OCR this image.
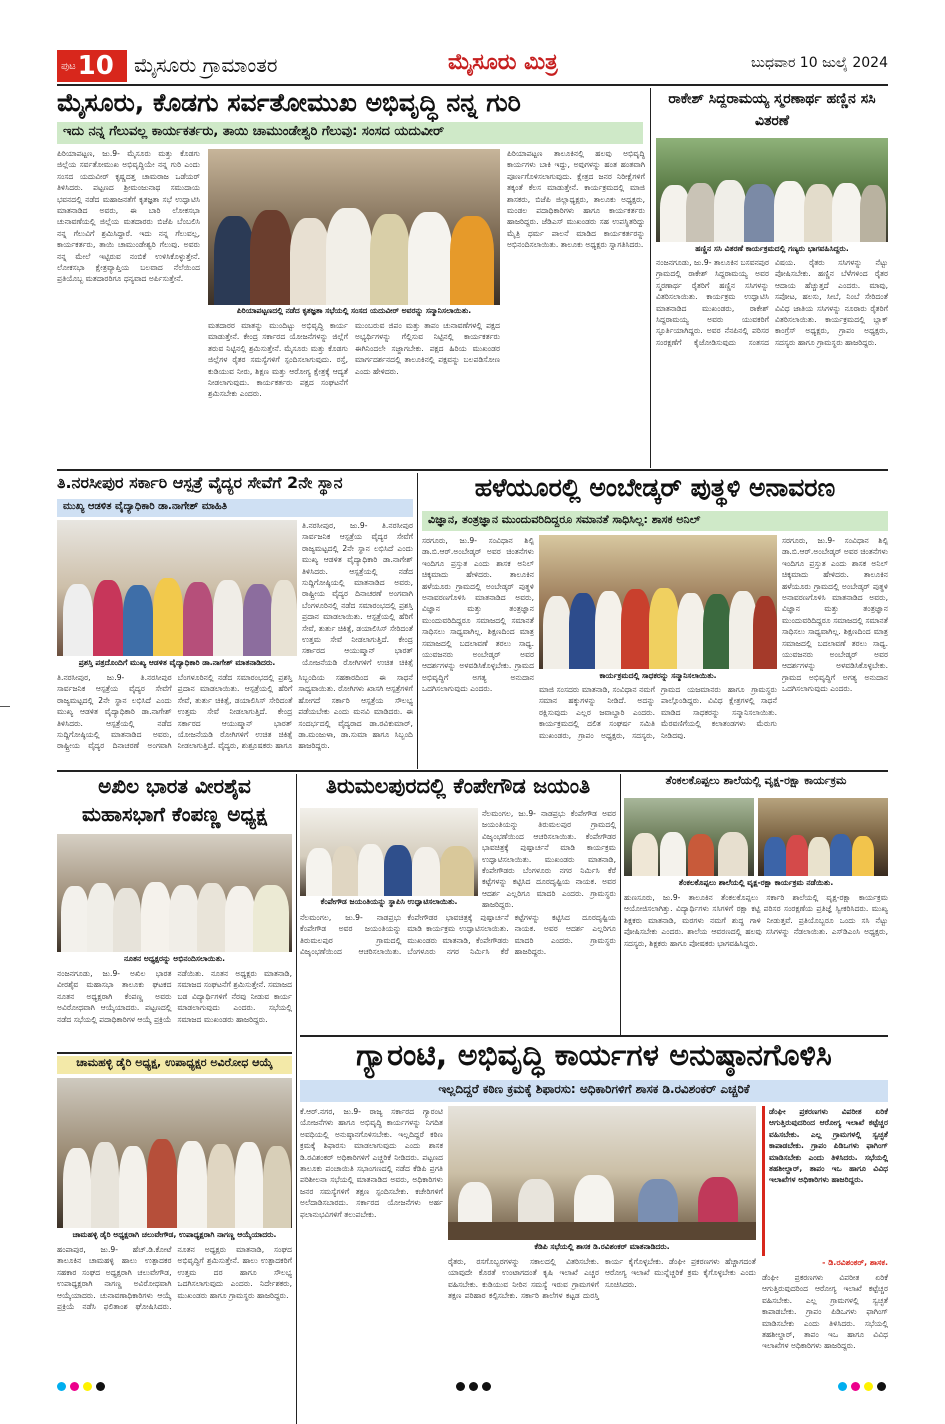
ಪುಟ 10 ಮೈಸೂರು ಗ್ರಾಮಾಂತರ	ಮೈಸೂರು ಮಿತ್ರ	ಬುಧವಾರ 10 ಜುಲೈ 2024
ಮೈಸೂರು, ಕೊಡಗು ಸರ್ವತೋಮುಖ ಅಭಿವೃದ್ಧಿ ನನ್ನ ಗುರಿ
ಇದು ನನ್ನ ಗೆಲುವಲ್ಲ ಕಾರ್ಯಕರ್ತರು, ತಾಯಿ ಚಾಮುಂಡೇಶ್ವರಿ ಗೆಲುವು: ಸಂಸದ ಯದುವೀರ್
ಪಿರಿಯಾಪಟ್ಟಣ, ಜು.9- ಮೈಸೂರು ಮತ್ತು ಕೊಡಗು ಜಿಲ್ಲೆಯ ಸರ್ವತೋಮುಖ ಅಭಿವೃದ್ಧಿಯೇ ನನ್ನ ಗುರಿ ಎಂದು ಸಂಸದ ಯದುವೀರ್ ಕೃಷ್ಣದತ್ತ ಚಾಮರಾಜ ಒಡೆಯರ್ ತಿಳಿಸಿದರು. ಪಟ್ಟಣದ ಶ್ರೀಮಂಜುನಾಥ ಸಮುದಾಯ ಭವನದಲ್ಲಿ ನಡೆದ ಮಹಾಜನತೆಗೆ ಕೃತಜ್ಞತಾ ಸಭೆ ಉದ್ಘಾಟಿಸಿ ಮಾತನಾಡಿದ ಅವರು, ಈ ಬಾರಿ ಲೋಕಸಭಾ ಚುನಾವಣೆಯಲ್ಲಿ ಜಿಲ್ಲೆಯ ಮತದಾರರು ಬಿಜೆಪಿ ಬೆಂಬಲಿಸಿ ನನ್ನ ಗೆಲುವಿಗೆ ಶ್ರಮಿಸಿದ್ದಾರೆ. ಇದು ನನ್ನ ಗೆಲುವಲ್ಲ, ಕಾರ್ಯಕರ್ತರು, ತಾಯಿ ಚಾಮುಂಡೇಶ್ವರಿ ಗೆಲುವು. ಅವರು ನನ್ನ ಮೇಲೆ ಇಟ್ಟಿರುವ ನಂಬಿಕೆ ಉಳಿಸಿಕೊಳ್ಳುತ್ತೇನೆ. ಲೋಕಸಭಾ ಕ್ಷೇತ್ರವ್ಯಾಪ್ತಿಯ ಬಲವಾದ ನೆಲೆಯಿಂದ ಪ್ರತಿಯೊಬ್ಬ ಮತದಾರರಿಗೂ ಧನ್ಯವಾದ ಅರ್ಪಿಸುತ್ತೇನೆ.
ಪಿರಿಯಾಪಟ್ಟಣದಲ್ಲಿ ನಡೆದ ಕೃತಜ್ಞತಾ ಸಭೆಯಲ್ಲಿ ಸಂಸದ ಯದುವೀರ್ ಅವರನ್ನು ಸನ್ಮಾನಿಸಲಾಯಿತು.
ಮತದಾರರ ಮಾತನ್ನು ಮುಂದಿಟ್ಟು ಅಭಿವೃದ್ಧಿ ಕಾರ್ಯ ಮಾಡುತ್ತೇನೆ. ಕೇಂದ್ರ ಸರ್ಕಾರದ ಯೋಜನೆಗಳನ್ನು ಜಿಲ್ಲೆಗೆ ತರುವ ನಿಟ್ಟಿನಲ್ಲಿ ಶ್ರಮಿಸುತ್ತೇನೆ. ಮೈಸೂರು ಮತ್ತು ಕೊಡಗು ಜಿಲ್ಲೆಗಳ ರೈತರ ಸಮಸ್ಯೆಗಳಿಗೆ ಸ್ಪಂದಿಸಲಾಗುವುದು. ರಸ್ತೆ, ಕುಡಿಯುವ ನೀರು, ಶಿಕ್ಷಣ ಮತ್ತು ಆರೋಗ್ಯ ಕ್ಷೇತ್ರಕ್ಕೆ ಆದ್ಯತೆ ನೀಡಲಾಗುವುದು. ಕಾರ್ಯಕರ್ತರು ಪಕ್ಷದ ಸಂಘಟನೆಗೆ ಶ್ರಮಿಸಬೇಕು ಎಂದರು.
ಮುಂಬರುವ ಜಿಪಂ ಮತ್ತು ತಾಪಂ ಚುನಾವಣೆಗಳಲ್ಲಿ ಪಕ್ಷದ ಅಭ್ಯರ್ಥಿಗಳನ್ನು ಗೆಲ್ಲಿಸುವ ನಿಟ್ಟಿನಲ್ಲಿ ಕಾರ್ಯಕರ್ತರು ಈಗಿನಿಂದಲೇ ಸಜ್ಜಾಗಬೇಕು. ಪಕ್ಷದ ಹಿರಿಯ ಮುಖಂಡರ ಮಾರ್ಗದರ್ಶನದಲ್ಲಿ ತಾಲೂಕಿನಲ್ಲಿ ಪಕ್ಷವನ್ನು ಬಲಪಡಿಸೋಣ ಎಂದು ಹೇಳಿದರು.
ಪಿರಿಯಾಪಟ್ಟಣ ತಾಲೂಕಿನಲ್ಲಿ ಹಲವು ಅಭಿವೃದ್ಧಿ ಕಾರ್ಯಗಳು ಬಾಕಿ ಇದ್ದು, ಅವುಗಳನ್ನು ಹಂತ ಹಂತವಾಗಿ ಪೂರ್ಣಗೊಳಿಸಲಾಗುವುದು. ಕ್ಷೇತ್ರದ ಜನರ ನಿರೀಕ್ಷೆಗಳಿಗೆ ತಕ್ಕಂತೆ ಕೆಲಸ ಮಾಡುತ್ತೇನೆ. ಕಾರ್ಯಕ್ರಮದಲ್ಲಿ ಮಾಜಿ ಶಾಸಕರು, ಬಿಜೆಪಿ ಜಿಲ್ಲಾಧ್ಯಕ್ಷರು, ತಾಲೂಕು ಅಧ್ಯಕ್ಷರು, ಮಂಡಲ ಪದಾಧಿಕಾರಿಗಳು ಹಾಗೂ ಕಾರ್ಯಕರ್ತರು ಹಾಜರಿದ್ದರು. ಜೆಡಿಎಸ್ ಮುಖಂಡರು ಸಹ ಉಪಸ್ಥಿತರಿದ್ದು ಮೈತ್ರಿ ಧರ್ಮ ಪಾಲನೆ ಮಾಡಿದ ಕಾರ್ಯಕರ್ತರನ್ನು ಅಭಿನಂದಿಸಲಾಯಿತು. ತಾಲೂಕು ಅಧ್ಯಕ್ಷರು ಸ್ವಾಗತಿಸಿದರು.
ರಾಕೇಶ್ ಸಿದ್ದರಾಮಯ್ಯ ಸ್ಮರಣಾರ್ಥ ಹಣ್ಣಿನ ಸಸಿ ವಿತರಣೆ
ಹಣ್ಣಿನ ಸಸಿ ವಿತರಣೆ ಕಾರ್ಯಕ್ರಮದಲ್ಲಿ ಗಣ್ಯರು ಭಾಗವಹಿಸಿದ್ದರು.
ನಂಜನಗೂಡು, ಜು.9- ತಾಲೂಕಿನ ಬಸವನಪುರ ಗ್ರಾಮದಲ್ಲಿ ರಾಕೇಶ್ ಸಿದ್ದರಾಮಯ್ಯ ಅವರ ಸ್ಮರಣಾರ್ಥ ರೈತರಿಗೆ ಹಣ್ಣಿನ ಸಸಿಗಳನ್ನು ವಿತರಿಸಲಾಯಿತು. ಕಾರ್ಯಕ್ರಮ ಉದ್ಘಾಟಿಸಿ ಮಾತನಾಡಿದ ಮುಖಂಡರು, ರಾಕೇಶ್ ಸಿದ್ದರಾಮಯ್ಯ ಅವರು ಯುವಕರಿಗೆ ಸ್ಫೂರ್ತಿಯಾಗಿದ್ದರು. ಅವರ ನೆನಪಿನಲ್ಲಿ ಪರಿಸರ ಸಂರಕ್ಷಣೆಗೆ ಕೈಜೋಡಿಸುವುದು ಸಂತಸದ ವಿಷಯ. ರೈತರು ಸಸಿಗಳನ್ನು ನೆಟ್ಟು ಪೋಷಿಸಬೇಕು. ಹಣ್ಣಿನ ಬೆಳೆಗಳಿಂದ ರೈತರ ಆದಾಯ ಹೆಚ್ಚುತ್ತದೆ ಎಂದರು. ಮಾವು, ಸಪೋಟ, ಹಲಸು, ಸೀಬೆ, ನಿಂಬೆ ಸೇರಿದಂತೆ ವಿವಿಧ ಜಾತಿಯ ಸಸಿಗಳನ್ನು ನೂರಾರು ರೈತರಿಗೆ ವಿತರಿಸಲಾಯಿತು. ಕಾರ್ಯಕ್ರಮದಲ್ಲಿ ಬ್ಲಾಕ್ ಕಾಂಗ್ರೆಸ್ ಅಧ್ಯಕ್ಷರು, ಗ್ರಾಪಂ ಅಧ್ಯಕ್ಷರು, ಸದಸ್ಯರು ಹಾಗೂ ಗ್ರಾಮಸ್ಥರು ಹಾಜರಿದ್ದರು.
ತಿ.ನರಸೀಪುರ ಸರ್ಕಾರಿ ಆಸ್ಪತ್ರೆ ವೈದ್ಯರ ಸೇವೆಗೆ 2ನೇ ಸ್ಥಾನ
ಮುಖ್ಯ ಆಡಳಿತ ವೈದ್ಯಾಧಿಕಾರಿ ಡಾ.ನಾಗೇಶ್ ಮಾಹಿತಿ
ಪ್ರಶಸ್ತಿ ಪತ್ರದೊಂದಿಗೆ ಮುಖ್ಯ ಆಡಳಿತ ವೈದ್ಯಾಧಿಕಾರಿ ಡಾ.ನಾಗೇಶ್ ಮಾತನಾಡಿದರು.
ತಿ.ನರಸೀಪುರ, ಜು.9- ತಿ.ನರಸೀಪುರ ಸಾರ್ವಜನಿಕ ಆಸ್ಪತ್ರೆಯ ವೈದ್ಯರ ಸೇವೆಗೆ ರಾಜ್ಯಮಟ್ಟದಲ್ಲಿ 2ನೇ ಸ್ಥಾನ ಲಭಿಸಿದೆ ಎಂದು ಮುಖ್ಯ ಆಡಳಿತ ವೈದ್ಯಾಧಿಕಾರಿ ಡಾ.ನಾಗೇಶ್ ತಿಳಿಸಿದರು. ಆಸ್ಪತ್ರೆಯಲ್ಲಿ ನಡೆದ ಸುದ್ದಿಗೋಷ್ಠಿಯಲ್ಲಿ ಮಾತನಾಡಿದ ಅವರು, ರಾಷ್ಟ್ರೀಯ ವೈದ್ಯರ ದಿನಾಚರಣೆ ಅಂಗವಾಗಿ ಬೆಂಗಳೂರಿನಲ್ಲಿ ನಡೆದ ಸಮಾರಂಭದಲ್ಲಿ ಪ್ರಶಸ್ತಿ ಪ್ರದಾನ ಮಾಡಲಾಯಿತು. ಆಸ್ಪತ್ರೆಯಲ್ಲಿ ಹೆರಿಗೆ ಸೇವೆ, ತುರ್ತು ಚಿಕಿತ್ಸೆ, ಡಯಾಲಿಸಿಸ್ ಸೇರಿದಂತೆ ಉತ್ತಮ ಸೇವೆ ನೀಡಲಾಗುತ್ತಿದೆ. ಕೇಂದ್ರ ಸರ್ಕಾರದ ಆಯುಷ್ಮಾನ್ ಭಾರತ್ ಯೋಜನೆಯಡಿ ರೋಗಿಗಳಿಗೆ ಉಚಿತ ಚಿಕಿತ್ಸೆ ನೀಡಲಾಗುತ್ತಿದೆ. ವೈದ್ಯರು, ಶುಶ್ರೂಷಕರು ಹಾಗೂ ಸಿಬ್ಬಂದಿಯ ಸಹಕಾರದಿಂದ ಈ ಸಾಧನೆ ಸಾಧ್ಯವಾಯಿತು. ರೋಗಿಗಳು ಖಾಸಗಿ ಆಸ್ಪತ್ರೆಗಳಿಗೆ ಹೋಗದೆ ಸರ್ಕಾರಿ ಆಸ್ಪತ್ರೆಯ ಸೌಲಭ್ಯ ಪಡೆಯಬೇಕು ಎಂದು ಮನವಿ ಮಾಡಿದರು. ಈ ಸಂದರ್ಭದಲ್ಲಿ ವೈದ್ಯರಾದ ಡಾ.ರವಿಕುಮಾರ್, ಡಾ.ಮಂಜುಳಾ, ಡಾ.ಸುಮಾ ಹಾಗೂ ಸಿಬ್ಬಂದಿ ಹಾಜರಿದ್ದರು.
ತಿ.ನರಸೀಪುರ, ಜು.9- ತಿ.ನರಸೀಪುರ ಸಾರ್ವಜನಿಕ ಆಸ್ಪತ್ರೆಯ ವೈದ್ಯರ ಸೇವೆಗೆ ರಾಜ್ಯಮಟ್ಟದಲ್ಲಿ 2ನೇ ಸ್ಥಾನ ಲಭಿಸಿದೆ ಎಂದು ಮುಖ್ಯ ಆಡಳಿತ ವೈದ್ಯಾಧಿಕಾರಿ ಡಾ.ನಾಗೇಶ್ ತಿಳಿಸಿದರು. ಆಸ್ಪತ್ರೆಯಲ್ಲಿ ನಡೆದ ಸುದ್ದಿಗೋಷ್ಠಿಯಲ್ಲಿ ಮಾತನಾಡಿದ ಅವರು, ರಾಷ್ಟ್ರೀಯ ವೈದ್ಯರ ದಿನಾಚರಣೆ ಅಂಗವಾಗಿ ಬೆಂಗಳೂರಿನಲ್ಲಿ ನಡೆದ ಸಮಾರಂಭದಲ್ಲಿ ಪ್ರಶಸ್ತಿ ಪ್ರದಾನ ಮಾಡಲಾಯಿತು. ಆಸ್ಪತ್ರೆಯಲ್ಲಿ ಹೆರಿಗೆ ಸೇವೆ, ತುರ್ತು ಚಿಕಿತ್ಸೆ, ಡಯಾಲಿಸಿಸ್ ಸೇರಿದಂತೆ ಉತ್ತಮ ಸೇವೆ ನೀಡಲಾಗುತ್ತಿದೆ. ಕೇಂದ್ರ ಸರ್ಕಾರದ ಆಯುಷ್ಮಾನ್ ಭಾರತ್ ಯೋಜನೆಯಡಿ ರೋಗಿಗಳಿಗೆ ಉಚಿತ ಚಿಕಿತ್ಸೆ
ಹಳೆಯೂರಲ್ಲಿ ಅಂಬೇಡ್ಕರ್ ಪುತ್ಥಳಿ ಅನಾವರಣ
ವಿಜ್ಞಾನ, ತಂತ್ರಜ್ಞಾನ ಮುಂದುವರಿದಿದ್ದರೂ ಸಮಾನತೆ ಸಾಧಿಸಿಲ್ಲ: ಶಾಸಕ ಅನಿಲ್
ಸರಗೂರು, ಜು.9- ಸಂವಿಧಾನ ಶಿಲ್ಪಿ ಡಾ.ಬಿ.ಆರ್.ಅಂಬೇಡ್ಕರ್ ಅವರ ಚಿಂತನೆಗಳು ಇಂದಿಗೂ ಪ್ರಸ್ತುತ ಎಂದು ಶಾಸಕ ಅನಿಲ್ ಚಿಕ್ಕಮಾದು ಹೇಳಿದರು. ತಾಲೂಕಿನ ಹಳೆಯೂರು ಗ್ರಾಮದಲ್ಲಿ ಅಂಬೇಡ್ಕರ್ ಪುತ್ಥಳಿ ಅನಾವರಣಗೊಳಿಸಿ ಮಾತನಾಡಿದ ಅವರು, ವಿಜ್ಞಾನ ಮತ್ತು ತಂತ್ರಜ್ಞಾನ ಮುಂದುವರಿದಿದ್ದರೂ ಸಮಾಜದಲ್ಲಿ ಸಮಾನತೆ ಸಾಧಿಸಲು ಸಾಧ್ಯವಾಗಿಲ್ಲ. ಶಿಕ್ಷಣದಿಂದ ಮಾತ್ರ ಸಮಾಜದಲ್ಲಿ ಬದಲಾವಣೆ ತರಲು ಸಾಧ್ಯ. ಯುವಜನರು ಅಂಬೇಡ್ಕರ್ ಅವರ ಆದರ್ಶಗಳನ್ನು ಅಳವಡಿಸಿಕೊಳ್ಳಬೇಕು. ಗ್ರಾಮದ ಅಭಿವೃದ್ಧಿಗೆ ಅಗತ್ಯ ಅನುದಾನ ಒದಗಿಸಲಾಗುವುದು ಎಂದರು.
ಕಾರ್ಯಕ್ರಮದಲ್ಲಿ ಸಾಧಕರನ್ನು ಸನ್ಮಾನಿಸಲಾಯಿತು.
ಮಾಜಿ ಸಂಸದರು ಮಾತನಾಡಿ, ಸಂವಿಧಾನ ನಮಗೆ ಸಮಾನ ಹಕ್ಕುಗಳನ್ನು ನೀಡಿದೆ. ಅದನ್ನು ರಕ್ಷಿಸುವುದು ಎಲ್ಲರ ಜವಾಬ್ದಾರಿ ಎಂದರು. ಕಾರ್ಯಕ್ರಮದಲ್ಲಿ ದಲಿತ ಸಂಘರ್ಷ ಸಮಿತಿ ಮುಖಂಡರು, ಗ್ರಾಪಂ ಅಧ್ಯಕ್ಷರು, ಸದಸ್ಯರು, ಗ್ರಾಮದ ಯಜಮಾನರು ಹಾಗೂ ಗ್ರಾಮಸ್ಥರು ಪಾಲ್ಗೊಂಡಿದ್ದರು. ವಿವಿಧ ಕ್ಷೇತ್ರಗಳಲ್ಲಿ ಸಾಧನೆ ಮಾಡಿದ ಸಾಧಕರನ್ನು ಸನ್ಮಾನಿಸಲಾಯಿತು. ಮೆರವಣಿಗೆಯಲ್ಲಿ ಕಲಾತಂಡಗಳು ಮೆರುಗು ನೀಡಿದವು.
ಸರಗೂರು, ಜು.9- ಸಂವಿಧಾನ ಶಿಲ್ಪಿ ಡಾ.ಬಿ.ಆರ್.ಅಂಬೇಡ್ಕರ್ ಅವರ ಚಿಂತನೆಗಳು ಇಂದಿಗೂ ಪ್ರಸ್ತುತ ಎಂದು ಶಾಸಕ ಅನಿಲ್ ಚಿಕ್ಕಮಾದು ಹೇಳಿದರು. ತಾಲೂಕಿನ ಹಳೆಯೂರು ಗ್ರಾಮದಲ್ಲಿ ಅಂಬೇಡ್ಕರ್ ಪುತ್ಥಳಿ ಅನಾವರಣಗೊಳಿಸಿ ಮಾತನಾಡಿದ ಅವರು, ವಿಜ್ಞಾನ ಮತ್ತು ತಂತ್ರಜ್ಞಾನ ಮುಂದುವರಿದಿದ್ದರೂ ಸಮಾಜದಲ್ಲಿ ಸಮಾನತೆ ಸಾಧಿಸಲು ಸಾಧ್ಯವಾಗಿಲ್ಲ. ಶಿಕ್ಷಣದಿಂದ ಮಾತ್ರ ಸಮಾಜದಲ್ಲಿ ಬದಲಾವಣೆ ತರಲು ಸಾಧ್ಯ. ಯುವಜನರು ಅಂಬೇಡ್ಕರ್ ಅವರ ಆದರ್ಶಗಳನ್ನು ಅಳವಡಿಸಿಕೊಳ್ಳಬೇಕು. ಗ್ರಾಮದ ಅಭಿವೃದ್ಧಿಗೆ ಅಗತ್ಯ ಅನುದಾನ ಒದಗಿಸಲಾಗುವುದು ಎಂದರು.
ಅಖಿಲ ಭಾರತ ವೀರಶೈವ
ಮಹಾಸಭಾಗೆ ಕೆಂಪಣ್ಣ ಅಧ್ಯಕ್ಷ
ನೂತನ ಅಧ್ಯಕ್ಷರನ್ನು ಅಭಿನಂದಿಸಲಾಯಿತು.
ನಂಜನಗೂಡು, ಜು.9- ಅಖಿಲ ಭಾರತ ವೀರಶೈವ ಮಹಾಸಭಾ ತಾಲೂಕು ಘಟಕದ ನೂತನ ಅಧ್ಯಕ್ಷರಾಗಿ ಕೆಂಪಣ್ಣ ಅವರು ಅವಿರೋಧವಾಗಿ ಆಯ್ಕೆಯಾದರು. ಪಟ್ಟಣದಲ್ಲಿ ನಡೆದ ಸಭೆಯಲ್ಲಿ ಪದಾಧಿಕಾರಿಗಳ ಆಯ್ಕೆ ಪ್ರಕ್ರಿಯೆ ನಡೆಯಿತು. ನೂತನ ಅಧ್ಯಕ್ಷರು ಮಾತನಾಡಿ, ಸಮಾಜದ ಸಂಘಟನೆಗೆ ಶ್ರಮಿಸುತ್ತೇನೆ. ಸಮಾಜದ ಬಡ ವಿದ್ಯಾರ್ಥಿಗಳಿಗೆ ನೆರವು ನೀಡುವ ಕಾರ್ಯ ಮಾಡಲಾಗುವುದು ಎಂದರು. ಸಭೆಯಲ್ಲಿ ಸಮಾಜದ ಮುಖಂಡರು ಹಾಜರಿದ್ದರು.
ತಿರುಮಲಪುರದಲ್ಲಿ ಕೆಂಪೇಗೌಡ ಜಯಂತಿ
ಕೆಂಪೇಗೌಡ ಜಯಂತಿಯನ್ನು ಸ್ಥಾಪಿಸಿ ಉದ್ಘಾಟಿಸಲಾಯಿತು.
ನೆಲಮಂಗಲ, ಜು.9- ನಾಡಪ್ರಭು ಕೆಂಪೇಗೌಡ ಅವರ ಜಯಂತಿಯನ್ನು ತಿರುಮಲಪುರ ಗ್ರಾಮದಲ್ಲಿ ವಿಜೃಂಭಣೆಯಿಂದ ಆಚರಿಸಲಾಯಿತು. ಕೆಂಪೇಗೌಡರ ಭಾವಚಿತ್ರಕ್ಕೆ ಪುಷ್ಪಾರ್ಚನೆ ಮಾಡಿ ಕಾರ್ಯಕ್ರಮ ಉದ್ಘಾಟಿಸಲಾಯಿತು. ಮುಖಂಡರು ಮಾತನಾಡಿ, ಕೆಂಪೇಗೌಡರು ಬೆಂಗಳೂರು ನಗರ ನಿರ್ಮಿಸಿ ಕೆರೆ ಕಟ್ಟೆಗಳನ್ನು ಕಟ್ಟಿಸಿದ ದೂರದೃಷ್ಟಿಯ ನಾಯಕ. ಅವರ ಆದರ್ಶ ಎಲ್ಲರಿಗೂ ಮಾದರಿ ಎಂದರು. ಗ್ರಾಮಸ್ಥರು ಹಾಜರಿದ್ದರು.
ನೆಲಮಂಗಲ, ಜು.9- ನಾಡಪ್ರಭು ಕೆಂಪೇಗೌಡ ಅವರ ಜಯಂತಿಯನ್ನು ತಿರುಮಲಪುರ ಗ್ರಾಮದಲ್ಲಿ ವಿಜೃಂಭಣೆಯಿಂದ ಆಚರಿಸಲಾಯಿತು. ಕೆಂಪೇಗೌಡರ ಭಾವಚಿತ್ರಕ್ಕೆ ಪುಷ್ಪಾರ್ಚನೆ ಮಾಡಿ ಕಾರ್ಯಕ್ರಮ ಉದ್ಘಾಟಿಸಲಾಯಿತು. ಮುಖಂಡರು ಮಾತನಾಡಿ, ಕೆಂಪೇಗೌಡರು ಬೆಂಗಳೂರು ನಗರ ನಿರ್ಮಿಸಿ ಕೆರೆ ಕಟ್ಟೆಗಳನ್ನು ಕಟ್ಟಿಸಿದ ದೂರದೃಷ್ಟಿಯ ನಾಯಕ. ಅವರ ಆದರ್ಶ ಎಲ್ಲರಿಗೂ ಮಾದರಿ ಎಂದರು. ಗ್ರಾಮಸ್ಥರು ಹಾಜರಿದ್ದರು.
ತೆಂಕಲಕೊಪ್ಪಲು ಶಾಲೆಯಲ್ಲಿ ವೃಕ್ಷ-ರಕ್ಷಾ ಕಾರ್ಯಕ್ರಮ
ತೆಂಕಲಕೊಪ್ಪಲು ಶಾಲೆಯಲ್ಲಿ ವೃಕ್ಷ-ರಕ್ಷಾ ಕಾರ್ಯಕ್ರಮ ನಡೆಯಿತು.
ಹುಣಸೂರು, ಜು.9- ತಾಲೂಕಿನ ತೆಂಕಲಕೊಪ್ಪಲು ಸರ್ಕಾರಿ ಶಾಲೆಯಲ್ಲಿ ವೃಕ್ಷ-ರಕ್ಷಾ ಕಾರ್ಯಕ್ರಮ ಆಯೋಜಿಸಲಾಗಿತ್ತು. ವಿದ್ಯಾರ್ಥಿಗಳು ಸಸಿಗಳಿಗೆ ರಕ್ಷಾ ಕಟ್ಟಿ ಪರಿಸರ ಸಂರಕ್ಷಣೆಯ ಪ್ರತಿಜ್ಞೆ ಸ್ವೀಕರಿಸಿದರು. ಮುಖ್ಯ ಶಿಕ್ಷಕರು ಮಾತನಾಡಿ, ಮರಗಳು ನಮಗೆ ಶುದ್ಧ ಗಾಳಿ ನೀಡುತ್ತವೆ. ಪ್ರತಿಯೊಬ್ಬರೂ ಒಂದು ಸಸಿ ನೆಟ್ಟು ಪೋಷಿಸಬೇಕು ಎಂದರು. ಶಾಲೆಯ ಆವರಣದಲ್ಲಿ ಹಲವು ಸಸಿಗಳನ್ನು ನೆಡಲಾಯಿತು. ಎಸ್‍ಡಿಎಂಸಿ ಅಧ್ಯಕ್ಷರು, ಸದಸ್ಯರು, ಶಿಕ್ಷಕರು ಹಾಗೂ ಪೋಷಕರು ಭಾಗವಹಿಸಿದ್ದರು.
ಗ್ಯಾರಂಟಿ, ಅಭಿವೃದ್ಧಿ ಕಾರ್ಯಗಳ ಅನುಷ್ಠಾನಗೊಳಿಸಿ
ಇಲ್ಲದಿದ್ದರೆ ಕಠಿಣ ಕ್ರಮಕ್ಕೆ ಶಿಫಾರಸು: ಅಧಿಕಾರಿಗಳಿಗೆ ಶಾಸಕ ಡಿ.ರವಿಶಂಕರ್ ಎಚ್ಚರಿಕೆ
ಕೆ.ಆರ್.ನಗರ, ಜು.9- ರಾಜ್ಯ ಸರ್ಕಾರದ ಗ್ಯಾರಂಟಿ ಯೋಜನೆಗಳು ಹಾಗೂ ಅಭಿವೃದ್ಧಿ ಕಾರ್ಯಗಳನ್ನು ನಿಗದಿತ ಅವಧಿಯಲ್ಲಿ ಅನುಷ್ಠಾನಗೊಳಿಸಬೇಕು. ಇಲ್ಲದಿದ್ದರೆ ಕಠಿಣ ಕ್ರಮಕ್ಕೆ ಶಿಫಾರಸು ಮಾಡಲಾಗುವುದು ಎಂದು ಶಾಸಕ ಡಿ.ರವಿಶಂಕರ್ ಅಧಿಕಾರಿಗಳಿಗೆ ಎಚ್ಚರಿಕೆ ನೀಡಿದರು. ಪಟ್ಟಣದ ತಾಲೂಕು ಪಂಚಾಯಿತಿ ಸಭಾಂಗಣದಲ್ಲಿ ನಡೆದ ಕೆಡಿಪಿ ಪ್ರಗತಿ ಪರಿಶೀಲನಾ ಸಭೆಯಲ್ಲಿ ಮಾತನಾಡಿದ ಅವರು, ಅಧಿಕಾರಿಗಳು ಜನರ ಸಮಸ್ಯೆಗಳಿಗೆ ತಕ್ಷಣ ಸ್ಪಂದಿಸಬೇಕು. ಕಚೇರಿಗಳಿಗೆ ಅಲೆದಾಡಿಸಬಾರದು. ಸರ್ಕಾರದ ಯೋಜನೆಗಳು ಅರ್ಹ ಫಲಾನುಭವಿಗಳಿಗೆ ತಲುಪಬೇಕು.
ಕೆಡಿಪಿ ಸಭೆಯಲ್ಲಿ ಶಾಸಕ ಡಿ.ರವಿಶಂಕರ್ ಮಾತನಾಡಿದರು.
ರೈತರು, ರಸಗೊಬ್ಬರಗಳನ್ನು ಸಕಾಲದಲ್ಲಿ ವಿತರಿಸಬೇಕು. ಯಾವುದೇ ಕೊರತೆ ಉಂಟಾಗದಂತೆ ಕೃಷಿ ಇಲಾಖೆ ಎಚ್ಚರ ವಹಿಸಬೇಕು. ಕುಡಿಯುವ ನೀರಿನ ಸಮಸ್ಯೆ ಇರುವ ಗ್ರಾಮಗಳಿಗೆ ತಕ್ಷಣ ಪರಿಹಾರ ಕಲ್ಪಿಸಬೇಕು. ಸರ್ಕಾರಿ ಶಾಲೆಗಳ ಕಟ್ಟಡ ದುರಸ್ತಿ ಕಾರ್ಯ ಕೈಗೊಳ್ಳಬೇಕು. ಡೆಂಘೀ ಪ್ರಕರಣಗಳು ಹೆಚ್ಚಾಗದಂತೆ ಆರೋಗ್ಯ ಇಲಾಖೆ ಮುನ್ನೆಚ್ಚರಿಕೆ ಕ್ರಮ ಕೈಗೊಳ್ಳಬೇಕು ಎಂದು ಸೂಚಿಸಿದರು.
ಡೆಂಘೀ ಪ್ರಕರಣಗಳು ವಿಪರೀತ ಏರಿಕೆ ಆಗುತ್ತಿರುವುದರಿಂದ ಆರೋಗ್ಯ ಇಲಾಖೆ ಕಟ್ಟೆಚ್ಚರ ವಹಿಸಬೇಕು. ಎಲ್ಲ ಗ್ರಾಮಗಳಲ್ಲಿ ಸ್ವಚ್ಛತೆ ಕಾಪಾಡಬೇಕು. ಗ್ರಾಪಂ ಪಿಡಿಒಗಳು ಫಾಗಿಂಗ್ ಮಾಡಿಸಬೇಕು ಎಂದು ತಿಳಿಸಿದರು. ಸಭೆಯಲ್ಲಿ ತಹಶೀಲ್ದಾರ್, ತಾಪಂ ಇಒ ಹಾಗೂ ವಿವಿಧ ಇಲಾಖೆಗಳ ಅಧಿಕಾರಿಗಳು ಹಾಜರಿದ್ದರು.
- ಡಿ.ರವಿಶಂಕರ್, ಶಾಸಕ.
ಡೆಂಘೀ ಪ್ರಕರಣಗಳು ವಿಪರೀತ ಏರಿಕೆ ಆಗುತ್ತಿರುವುದರಿಂದ ಆರೋಗ್ಯ ಇಲಾಖೆ ಕಟ್ಟೆಚ್ಚರ ವಹಿಸಬೇಕು. ಎಲ್ಲ ಗ್ರಾಮಗಳಲ್ಲಿ ಸ್ವಚ್ಛತೆ ಕಾಪಾಡಬೇಕು. ಗ್ರಾಪಂ ಪಿಡಿಒಗಳು ಫಾಗಿಂಗ್ ಮಾಡಿಸಬೇಕು ಎಂದು ತಿಳಿಸಿದರು. ಸಭೆಯಲ್ಲಿ ತಹಶೀಲ್ದಾರ್, ತಾಪಂ ಇಒ ಹಾಗೂ ವಿವಿಧ ಇಲಾಖೆಗಳ ಅಧಿಕಾರಿಗಳು ಹಾಜರಿದ್ದರು.
ಚಾಮಹಳ್ಳಿ ಡೈರಿ ಅಧ್ಯಕ್ಷ, ಉಪಾಧ್ಯಕ್ಷರ ಅವಿರೋಧ ಆಯ್ಕೆ
ಚಾಮಹಳ್ಳಿ ಡೈರಿ ಅಧ್ಯಕ್ಷರಾಗಿ ಚಲುವೇಗೌಡ, ಉಪಾಧ್ಯಕ್ಷರಾಗಿ ನಾಗಣ್ಣ ಆಯ್ಕೆಯಾದರು.
ಹಂಪಾಪುರ, ಜು.9- ಹೆಚ್.ಡಿ.ಕೋಟೆ ತಾಲೂಕಿನ ಚಾಮಹಳ್ಳಿ ಹಾಲು ಉತ್ಪಾದಕರ ಸಹಕಾರ ಸಂಘದ ಅಧ್ಯಕ್ಷರಾಗಿ ಚಲುವೇಗೌಡ, ಉಪಾಧ್ಯಕ್ಷರಾಗಿ ನಾಗಣ್ಣ ಅವಿರೋಧವಾಗಿ ಆಯ್ಕೆಯಾದರು. ಚುನಾವಣಾಧಿಕಾರಿಗಳು ಆಯ್ಕೆ ಪ್ರಕ್ರಿಯೆ ನಡೆಸಿ ಫಲಿತಾಂಶ ಘೋಷಿಸಿದರು. ನೂತನ ಅಧ್ಯಕ್ಷರು ಮಾತನಾಡಿ, ಸಂಘದ ಅಭಿವೃದ್ಧಿಗೆ ಶ್ರಮಿಸುತ್ತೇನೆ. ಹಾಲು ಉತ್ಪಾದಕರಿಗೆ ಉತ್ತಮ ದರ ಹಾಗೂ ಸೌಲಭ್ಯ ಒದಗಿಸಲಾಗುವುದು ಎಂದರು. ನಿರ್ದೇಶಕರು, ಮುಖಂಡರು ಹಾಗೂ ಗ್ರಾಮಸ್ಥರು ಹಾಜರಿದ್ದರು.
